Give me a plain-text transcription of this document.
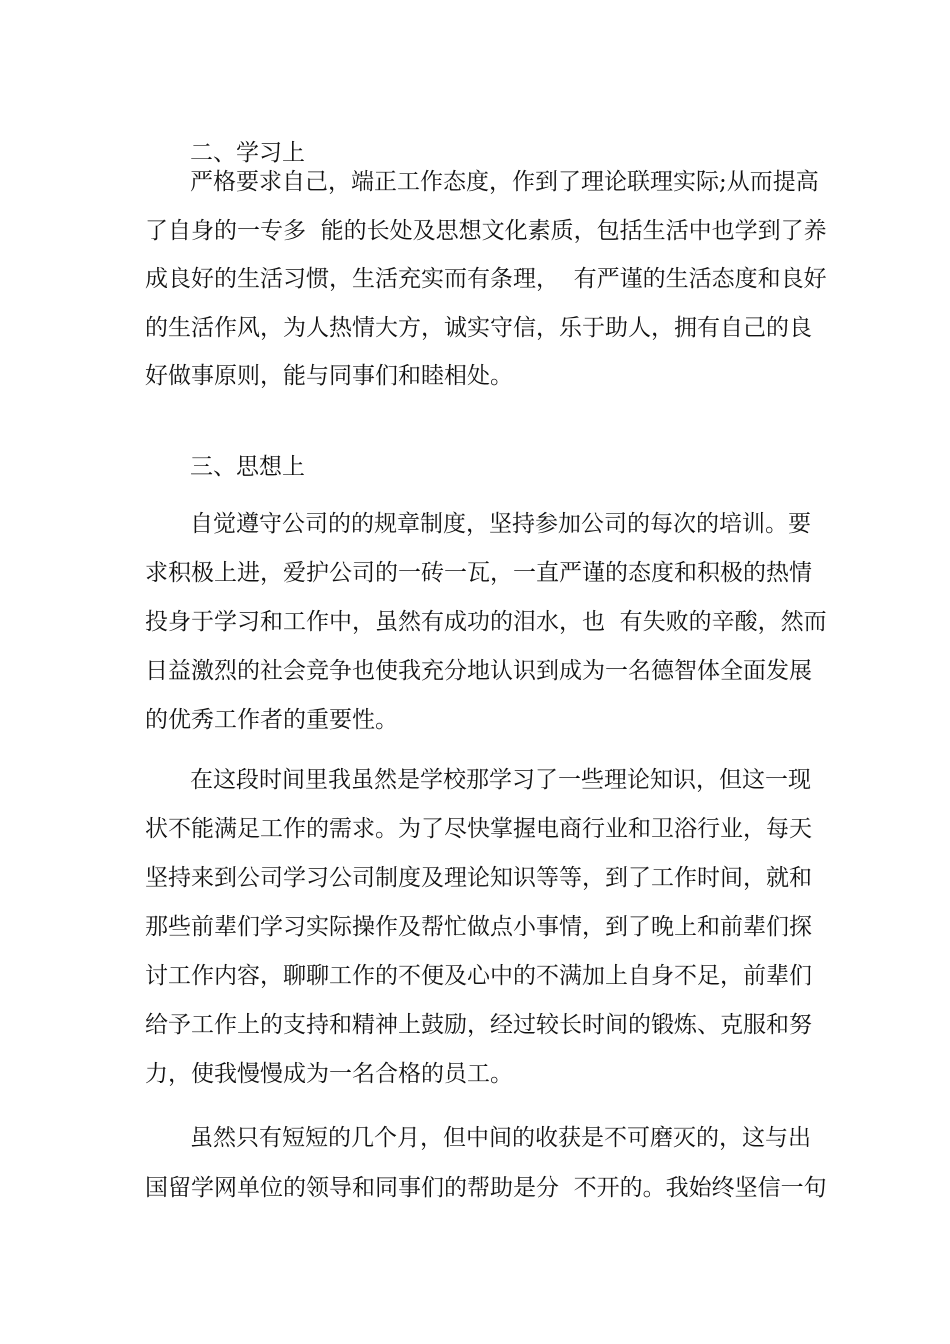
二、学习上
严格要求自己，端正工作态度，作到了理论联理实际;从而提高
了自身的一专多  能的长处及思想文化素质，包括生活中也学到了养
成良好的生活习惯，生活充实而有条理，  有严谨的生活态度和良好
的生活作风，为人热情大方，诚实守信，乐于助人，拥有自己的良
好做事原则，能与同事们和睦相处。
三、思想上
自觉遵守公司的的规章制度，坚持参加公司的每次的培训。要
求积极上进，爱护公司的一砖一瓦，一直严谨的态度和积极的热情
投身于学习和工作中，虽然有成功的泪水，也  有失败的辛酸，然而
日益激烈的社会竞争也使我充分地认识到成为一名德智体全面发展
的优秀工作者的重要性。
在这段时间里我虽然是学校那学习了一些理论知识，但这一现
状不能满足工作的需求。为了尽快掌握电商行业和卫浴行业，每天
坚持来到公司学习公司制度及理论知识等等，到了工作时间，就和
那些前辈们学习实际操作及帮忙做点小事情，到了晚上和前辈们探
讨工作内容，聊聊工作的不便及心中的不满加上自身不足，前辈们
给予工作上的支持和精神上鼓励，经过较长时间的锻炼、克服和努
力，使我慢慢成为一名合格的员工。
虽然只有短短的几个月，但中间的收获是不可磨灭的，这与出
国留学网单位的领导和同事们的帮助是分  不开的。我始终坚信一句
